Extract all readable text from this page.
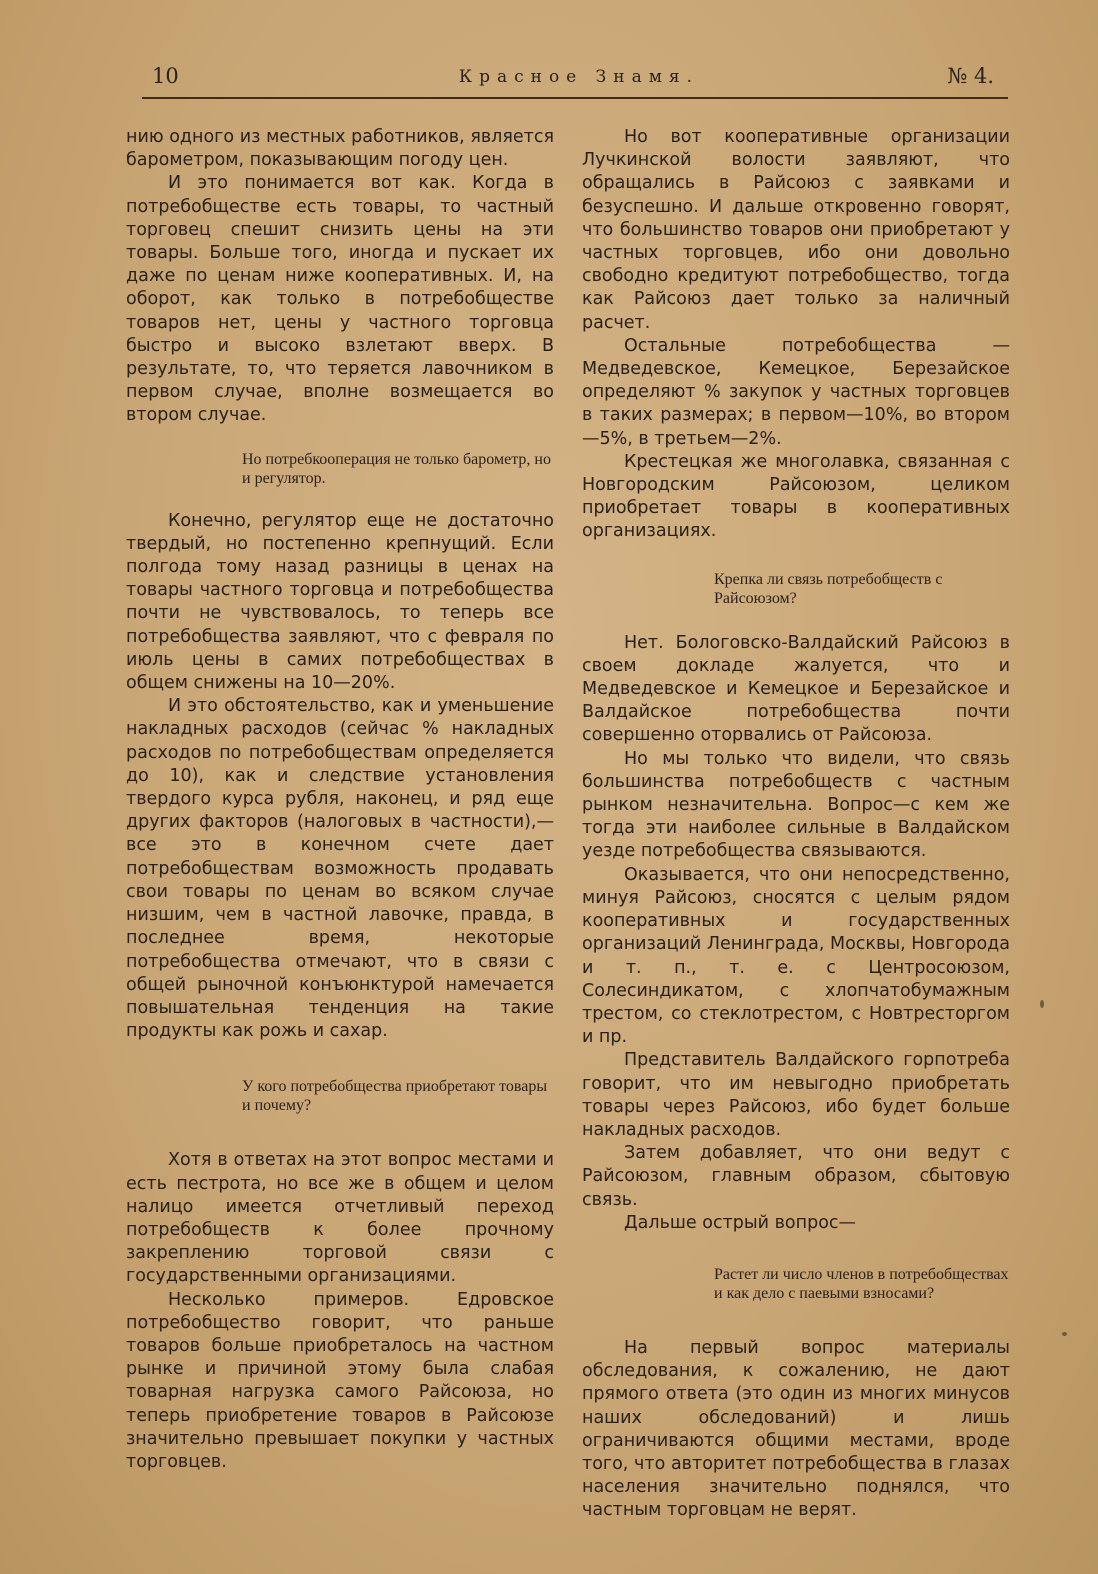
10	Красное Знамя.	№ 4.

нию одного из местных работников, является барометром, показывающим погоду цен.

И это понимается вот как. Когда в потребобществе есть товары, то частный торговец спешит снизить цены на эти товары. Больше того, иногда и пускает их даже по ценам ниже кооперативных. И, на оборот, как только в потребобществе товаров нет, цены у частного торговца быстро и высоко взлетают вверх. В результате, то, что теряется лавочником в первом случае, вполне возмещается во втором случае.

Но потребкооперация не только барометр, но и регулятор.

Конечно, регулятор еще не достаточно твердый, но постепенно крепнущий. Если полгода тому назад разницы в ценах на товары частного торговца и потребобщества почти не чувствовалось, то теперь все потребобщества заявляют, что с февраля по июль цены в самих потребобществах в общем снижены на 10—20%.

И это обстоятельство, как и уменьшение накладных расходов (сейчас % накладных расходов по потребобществам определяется до 10), как и следствие установления твердого курса рубля, наконец, и ряд еще других факторов (налоговых в частности),—все это в конечном счете дает потребобществам возможность продавать свои товары по ценам во всяком случае низшим, чем в частной лавочке, правда, в последнее время, некоторые потребобщества отмечают, что в связи с общей рыночной конъюнктурой намечается повышательная тенденция на такие продукты как рожь и сахар.

У кого потребобщества приобретают товары и почему?

Хотя в ответах на этот вопрос местами и есть пестрота, но все же в общем и целом налицо имеется отчетливый переход потребобществ к более прочному закреплению торговой связи с государственными организациями.

Несколько примеров. Едровское потребобщество говорит, что раньше товаров больше приобреталось на частном рынке и причиной этому была слабая товарная нагрузка самого Райсоюза, но теперь приобретение товаров в Райсоюзе значительно превышает покупки у частных торговцев.

Но вот кооперативные организации Лучкинской волости заявляют, что обращались в Райсоюз с заявками и безуспешно. И дальше откровенно говорят, что большинство товаров они приобретают у частных торговцев, ибо они довольно свободно кредитуют потребобщество, тогда как Райсоюз дает только за наличный расчет.

Остальные потребобщества — Медведевское, Кемецкое, Березайское определяют % закупок у частных торговцев в таких размерах; в первом—10%, во втором—5%, в третьем—2%.

Крестецкая же многолавка, связанная с Новгородским Райсоюзом, целиком приобретает товары в кооперативных организациях.

Крепка ли связь потребобществ с Райсоюзом?

Нет. Бологовско-Валдайский Райсоюз в своем докладе жалуется, что и Медведевское и Кемецкое и Березайское и Валдайское потребобщества почти совершенно оторвались от Райсоюза.

Но мы только что видели, что связь большинства потребобществ с частным рынком незначительна. Вопрос—с кем же тогда эти наиболее сильные в Валдайском уезде потребобщества связываются.

Оказывается, что они непосредственно, минуя Райсоюз, сносятся с целым рядом кооперативных и государственных организаций Ленинграда, Москвы, Новгорода и т. п., т. е. с Центросоюзом, Солесиндикатом, с хлопчатобумажным трестом, со стеклотрестом, с Новтресторгом и пр.

Представитель Валдайского горпотреба говорит, что им невыгодно приобретать товары через Райсоюз, ибо будет больше накладных расходов.

Затем добавляет, что они ведут с Райсоюзом, главным образом, сбытовую связь.

Дальше острый вопрос—

Растет ли число членов в потребобществах и как дело с паевыми взносами?

На первый вопрос материалы обследования, к сожалению, не дают прямого ответа (это один из многих минусов наших обследований) и лишь ограничиваются общими местами, вроде того, что авторитет потребобщества в глазах населения значительно поднялся, что частным торговцам не верят.
